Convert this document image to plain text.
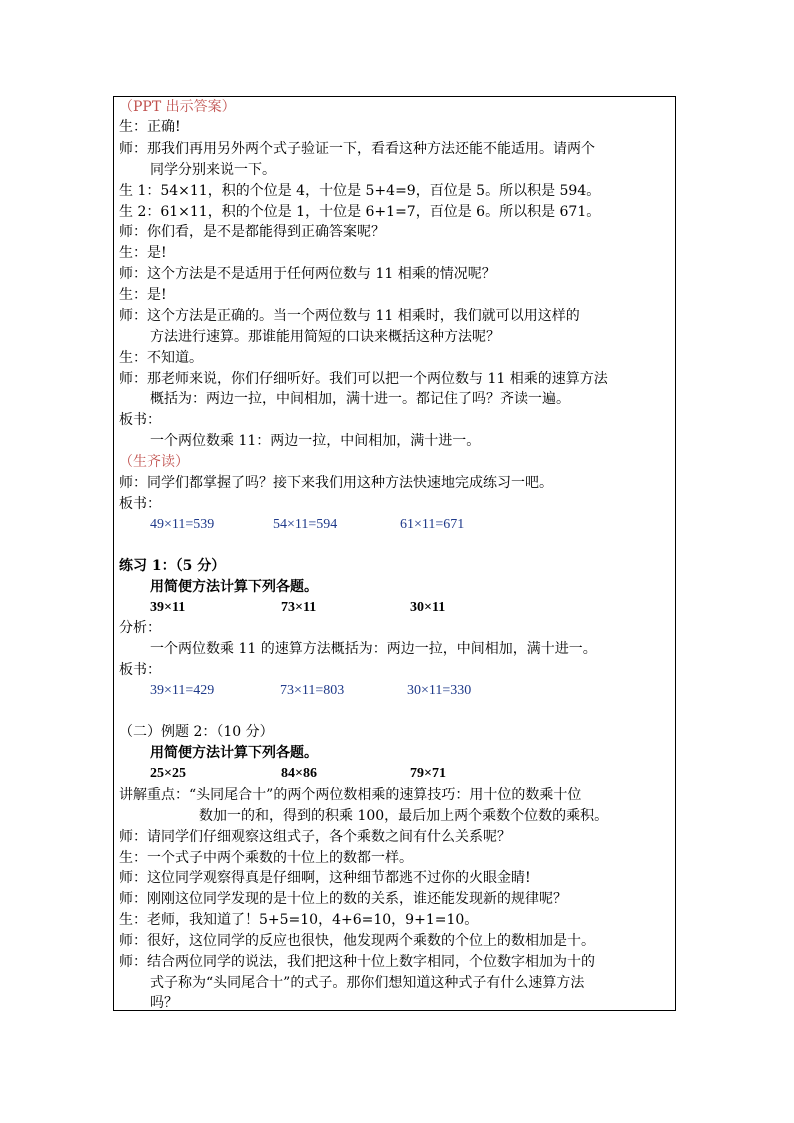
（PPT 出示答案）
生：正确!
师：那我们再用另外两个式子验证一下，看看这种方法还能不能适用。请两个
同学分别来说一下。
生 1：54×11，积的个位是 4，十位是 5+4=9，百位是 5。所以积是 594。
生 2：61×11，积的个位是 1，十位是 6+1=7，百位是 6。所以积是 671。
师：你们看，是不是都能得到正确答案呢？
生：是!
师：这个方法是不是适用于任何两位数与 11 相乘的情况呢？
生：是!
师：这个方法是正确的。当一个两位数与 11 相乘时，我们就可以用这样的
方法进行速算。那谁能用简短的口诀来概括这种方法呢？
生：不知道。
师：那老师来说，你们仔细听好。我们可以把一个两位数与 11 相乘的速算方法
概括为：两边一拉，中间相加，满十进一。都记住了吗？齐读一遍。
板书：
一个两位数乘 11：两边一拉，中间相加，满十进一。
（生齐读）
师：同学们都掌握了吗？接下来我们用这种方法快速地完成练习一吧。
板书：
49×11=539	54×11=594	61×11=671
练习 1：（5 分）
用简便方法计算下列各题。
39×11	73×11	30×11
分析：
一个两位数乘 11 的速算方法概括为：两边一拉，中间相加，满十进一。
板书：
39×11=429	73×11=803	30×11=330
（二）例题 2：（10 分）
用简便方法计算下列各题。
25×25	84×86	79×71
讲解重点：“头同尾合十”的两个两位数相乘的速算技巧：用十位的数乘十位
数加一的和，得到的积乘 100，最后加上两个乘数个位数的乘积。
师：请同学们仔细观察这组式子，各个乘数之间有什么关系呢？
生：一个式子中两个乘数的十位上的数都一样。
师：这位同学观察得真是仔细啊，这种细节都逃不过你的火眼金睛!
师：刚刚这位同学发现的是十位上的数的关系，谁还能发现新的规律呢？
生：老师，我知道了！5+5=10，4+6=10，9+1=10。
师：很好，这位同学的反应也很快，他发现两个乘数的个位上的数相加是十。
师：结合两位同学的说法，我们把这种十位上数字相同，个位数字相加为十的
式子称为“头同尾合十”的式子。那你们想知道这种式子有什么速算方法
吗？
